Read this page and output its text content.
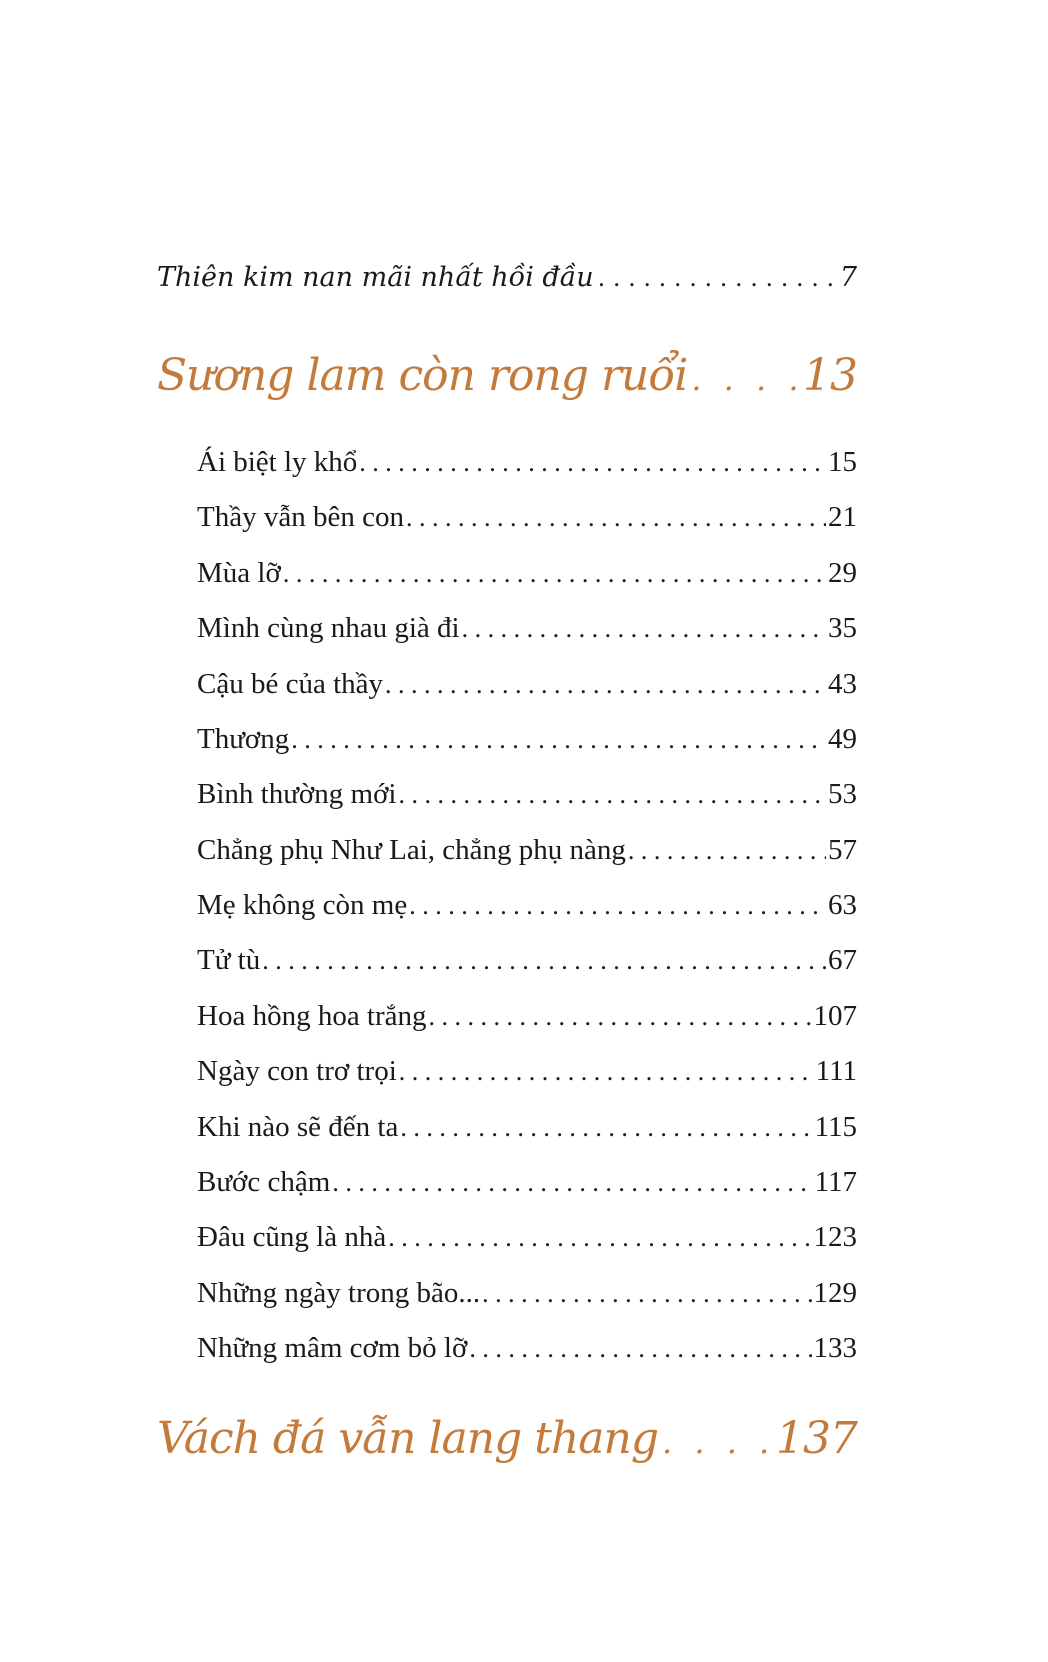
Thiên kim nan mãi nhất hồi đầu . . .	7
Sương lam còn rong ruổi . . .	13
Ái biệt ly khổ . . .	15
Thầy vẫn bên con . . .	21
Mùa lỡ . . .	29
Mình cùng nhau già đi . . .	35
Cậu bé của thầy . . .	43
Thương . . .	49
Bình thường mới . . .	53
Chẳng phụ Như Lai, chẳng phụ nàng . . .	57
Mẹ không còn mẹ . . .	63
Tử tù . . .	67
Hoa hồng hoa trắng . . .	107
Ngày con trơ trọi . . .	111
Khi nào sẽ đến ta . . .	115
Bước chậm . . .	117
Đâu cũng là nhà . . .	123
Những ngày trong bão... . . .	129
Những mâm cơm bỏ lỡ . . .	133
Vách đá vẫn lang thang . . .	137
